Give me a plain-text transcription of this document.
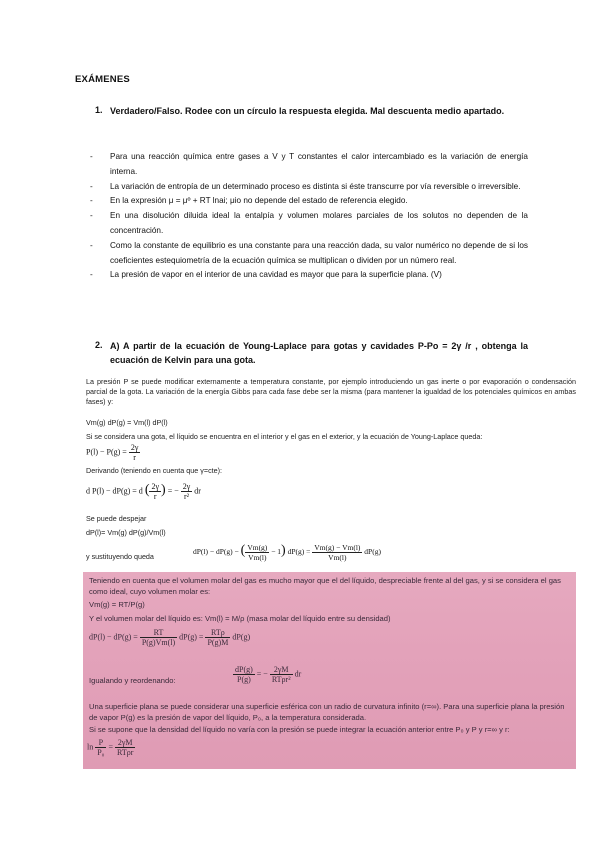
EXÁMENES
1. Verdadero/Falso. Rodee con un círculo la respuesta elegida. Mal descuenta medio apartado.
- Para una reacción química entre gases a V y T constantes el calor intercambiado es la variación de energía interna.
- La variación de entropía de un determinado proceso es distinta si éste transcurre por vía reversible o irreversible.
- En la expresión μ = μº + RT lnai; μio no depende del estado de referencia elegido.
- En una disolución diluida ideal la entalpía y volumen molares parciales de los solutos no dependen de la concentración.
- Como la constante de equilibrio es una constante para una reacción dada, su valor numérico no depende de si los coeficientes estequiometría de la ecuación química se multiplican o dividen por un número real.
- La presión de vapor en el interior de una cavidad es mayor que para la superficie plana. (V)
2. A) A partir de la ecuación de Young-Laplace para gotas y cavidades P-Po = 2γ /r , obtenga la ecuación de Kelvin para una gota.
La presión P se puede modificar externamente a temperatura constante, por ejemplo introduciendo un gas inerte o por evaporación o condensación parcial de la gota. La variación de la energía Gibbs para cada fase debe ser la misma (para mantener la igualdad de los potenciales químicos en ambas fases) y:
Vm(g) dP(g) = Vm(l) dP(l)
Si se considera una gota, el líquido se encuentra en el interior y el gas en el exterior, y la ecuación de Young-Laplace queda:
$P(l) - P(g) = \frac{2\gamma}{r}$
Derivando (teniendo en cuenta que γ=cte):
d P(l) − dP(g) = d ( $\frac{2\gamma}{r}$ ) = − $\frac{2\gamma}{\text{r²}}$ dr
Se puede despejar
dP(l)= Vm(g) dP(g)/Vm(l)
y sustituyendo queda
dP(l) − dP(g) − ( $\frac{Vm(g)}{Vm(l)} - 1$) $dP(g) = \frac{Vm(g) - Vm(l)}{Vm(l)} dP(g)$
Teniendo en cuenta que el volumen molar del gas es mucho mayor que el del líquido, despreciable frente al del gas, y si se considera el gas como ideal, cuyo volumen molar es:
Vm(g) = RT/P(g)
Y el volumen molar del líquido es: Vm(l) = M/ρ (masa molar del líquido entre su densidad)
$dP(l) - dP(g) = \frac{RT}{P(g)Vm(l)} dP(g) = \frac{\text{RTρ}}{P(g)M} dP(g)$
Igualando y reordenando:	$\frac{dP(g)}{P(g)}$ = − $\frac{2\gamma M}{\text{RTρr²}}$ dr
Una superficie plana se puede considerar una superficie esférica con un radio de curvatura infinito (r=∞). Para una superficie plana la presión de vapor P(g) es la presión de vapor del líquido, P₀, a la temperatura considerada.
Si se supone que la densidad del líquido no varía con la presión se puede integrar la ecuación anterior entre P₀ y P y r=∞ y r:
$\ln \frac{P}{\text{P₀}} = \frac{2\gamma M}{\text{RTρr}}$
